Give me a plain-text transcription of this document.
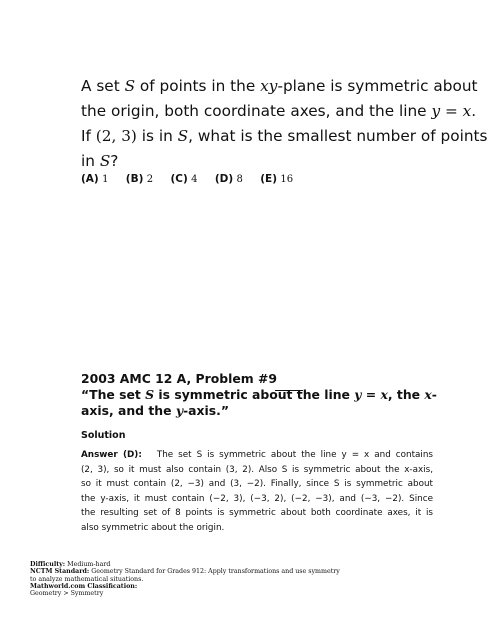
A set S of points in the xy-plane is symmetric about
the origin, both coordinate axes, and the line y = x.
If (2, 3) is in S, what is the smallest number of points
in S?
(A) 1 (B) 2 (C) 4 (D) 8 (E) 16
2003 AMC 12 A, Problem #9
“The set S is symmetric about the line y = x, the x-
axis, and the y-axis.”
Solution
Answer (D): The set S is symmetric about the line y = x and contains
(2, 3), so it must also contain (3, 2). Also S is symmetric about the x-axis,
so it must contain (2, −3) and (3, −2). Finally, since S is symmetric about
the y-axis, it must contain (−2, 3), (−3, 2), (−2, −3), and (−3, −2). Since
the resulting set of 8 points is symmetric about both coordinate axes, it is
also symmetric about the origin.
Difficulty: Medium-hard
NCTM Standard: Geometry Standard for Grades 912: Apply transformations and use symmetry
to analyze mathematical situations.
Mathworld.com Classification:
Geometry > Symmetry
